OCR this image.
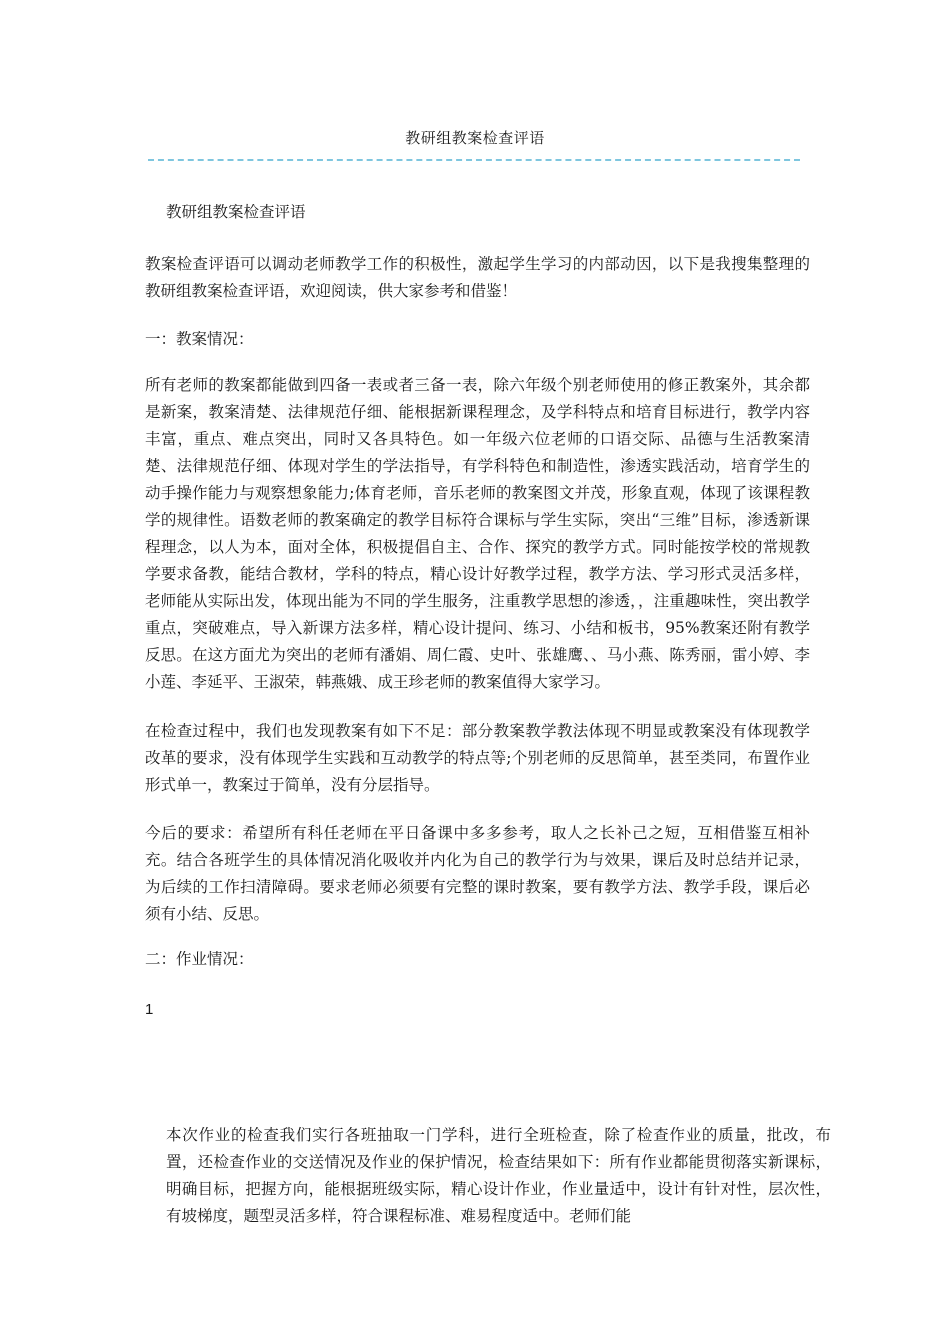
教研组教案检查评语

教研组教案检查评语

教案检查评语可以调动老师教学工作的积极性，激起学生学习的内部动因，以下是我搜集整理的教研组教案检查评语，欢迎阅读，供大家参考和借鉴！

一：教案情况：

所有老师的教案都能做到四备一表或者三备一表，除六年级个别老师使用的修正教案外，其余都是新案，教案清楚、法律规范仔细、能根据新课程理念，及学科特点和培育目标进行，教学内容丰富，重点、难点突出，同时又各具特色。如一年级六位老师的口语交际、品德与生活教案清楚、法律规范仔细、体现对学生的学法指导，有学科特色和制造性，渗透实践活动，培育学生的动手操作能力与观察想象能力;体育老师，音乐老师的教案图文并茂，形象直观，体现了该课程教学的规律性。语数老师的教案确定的教学目标符合课标与学生实际，突出“三维”目标，渗透新课程理念，以人为本，面对全体，积极提倡自主、合作、探究的教学方式。同时能按学校的常规教学要求备教，能结合教材，学科的特点，精心设计好教学过程，教学方法、学习形式灵活多样，老师能从实际出发，体现出能为不同的学生服务，注重教学思想的渗透，，注重趣味性，突出教学重点，突破难点，导入新课方法多样，精心设计提问、练习、小结和板书，95%教案还附有教学反思。在这方面尤为突出的老师有潘娟、周仁霞、史叶、张雄鹰、、马小燕、陈秀丽，雷小婷、李小莲、李延平、王淑荣，韩燕娥、成王珍老师的教案值得大家学习。

在检查过程中，我们也发现教案有如下不足：部分教案教学教法体现不明显或教案没有体现教学改革的要求，没有体现学生实践和互动教学的特点等;个别老师的反思简单，甚至类同，布置作业形式单一，教案过于简单，没有分层指导。

今后的要求：希望所有科任老师在平日备课中多多参考，取人之长补己之短，互相借鉴互相补充。结合各班学生的具体情况消化吸收并内化为自己的教学行为与效果，课后及时总结并记录，为后续的工作扫清障碍。要求老师必须要有完整的课时教案，要有教学方法、教学手段，课后必须有小结、反思。

二：作业情况：

1

本次作业的检查我们实行各班抽取一门学科，进行全班检查，除了检查作业的质量，批改，布置，还检查作业的交送情况及作业的保护情况，检查结果如下：所有作业都能贯彻落实新课标，明确目标，把握方向，能根据班级实际，精心设计作业，作业量适中，设计有针对性，层次性，有坡梯度，题型灵活多样，符合课程标准、难易程度适中。老师们能
